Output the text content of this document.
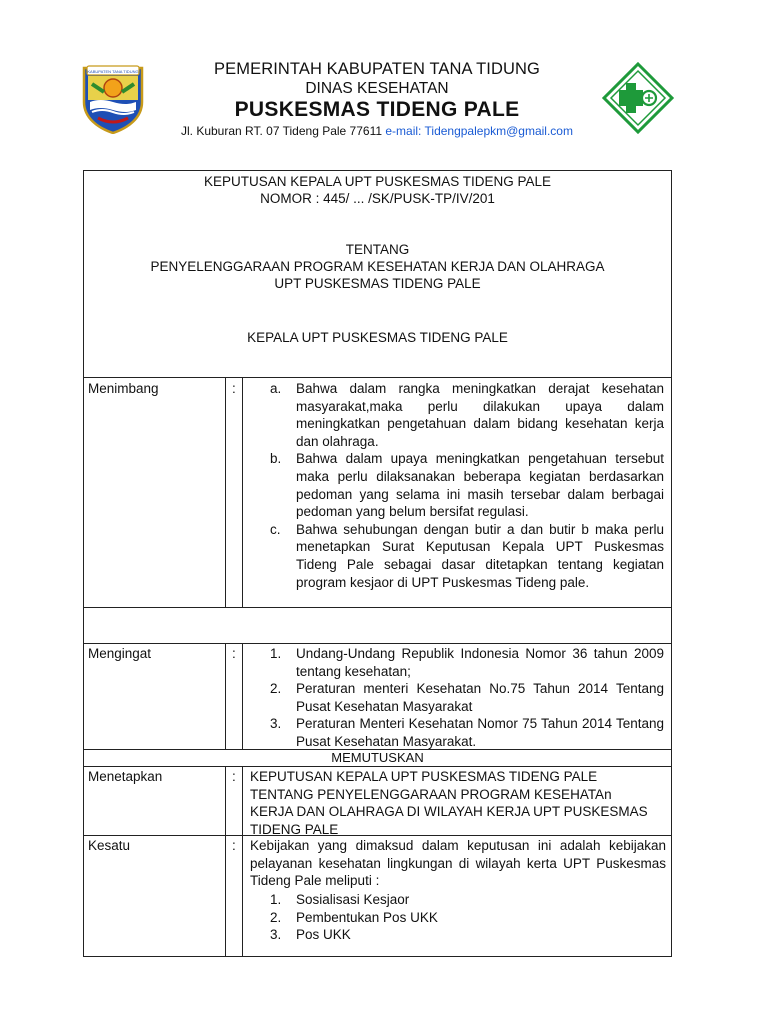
KABUPATEN TANA TIDUNG	PEMERINTAH KABUPATEN TANA TIDUNG
DINAS KESEHATAN
PUSKESMAS TIDENG PALE
Jl. Kuburan RT. 07 Tideng Pale 77611 e-mail: Tidengpalepkm@gmail.com
KEPUTUSAN KEPALA UPT PUSKESMAS TIDENG PALE
NOMOR : 445/ ... /SK/PUSK-TP/IV/201
TENTANG
PENYELENGGARAAN PROGRAM KESEHATAN KERJA DAN OLAHRAGA
UPT PUSKESMAS TIDENG PALE
KEPALA UPT PUSKESMAS TIDENG PALE
Menimbang	:	a. Bahwa dalam rangka meningkatkan derajat kesehatan masyarakat,maka perlu dilakukan upaya dalam meningkatkan pengetahuan dalam bidang kesehatan kerja dan olahraga.
b. Bahwa dalam upaya meningkatkan pengetahuan tersebut maka perlu dilaksanakan beberapa kegiatan berdasarkan pedoman yang selama ini masih tersebar dalam berbagai pedoman yang belum bersifat regulasi.
c. Bahwa sehubungan dengan butir a dan butir b maka perlu menetapkan Surat Keputusan Kepala UPT Puskesmas Tideng Pale sebagai dasar ditetapkan tentang kegiatan program kesjaor di UPT Puskesmas Tideng pale.
Mengingat	:	1. Undang-Undang Republik Indonesia Nomor 36 tahun 2009 tentang kesehatan;
2. Peraturan menteri Kesehatan No.75 Tahun 2014 Tentang Pusat Kesehatan Masyarakat
3. Peraturan Menteri Kesehatan Nomor 75 Tahun 2014 Tentang Pusat Kesehatan Masyarakat.
MEMUTUSKAN
Menetapkan	: KEPUTUSAN KEPALA UPT PUSKESMAS TIDENG PALE TENTANG PENYELENGGARAAN PROGRAM KESEHATAn KERJA DAN OLAHRAGA DI WILAYAH KERJA UPT PUSKESMAS TIDENG PALE
Kesatu	: Kebijakan yang dimaksud dalam keputusan ini adalah kebijakan pelayanan kesehatan lingkungan di wilayah kerta UPT Puskesmas Tideng Pale meliputi :
1. Sosialisasi Kesjaor
2. Pembentukan Pos UKK
3. Pos UKK
